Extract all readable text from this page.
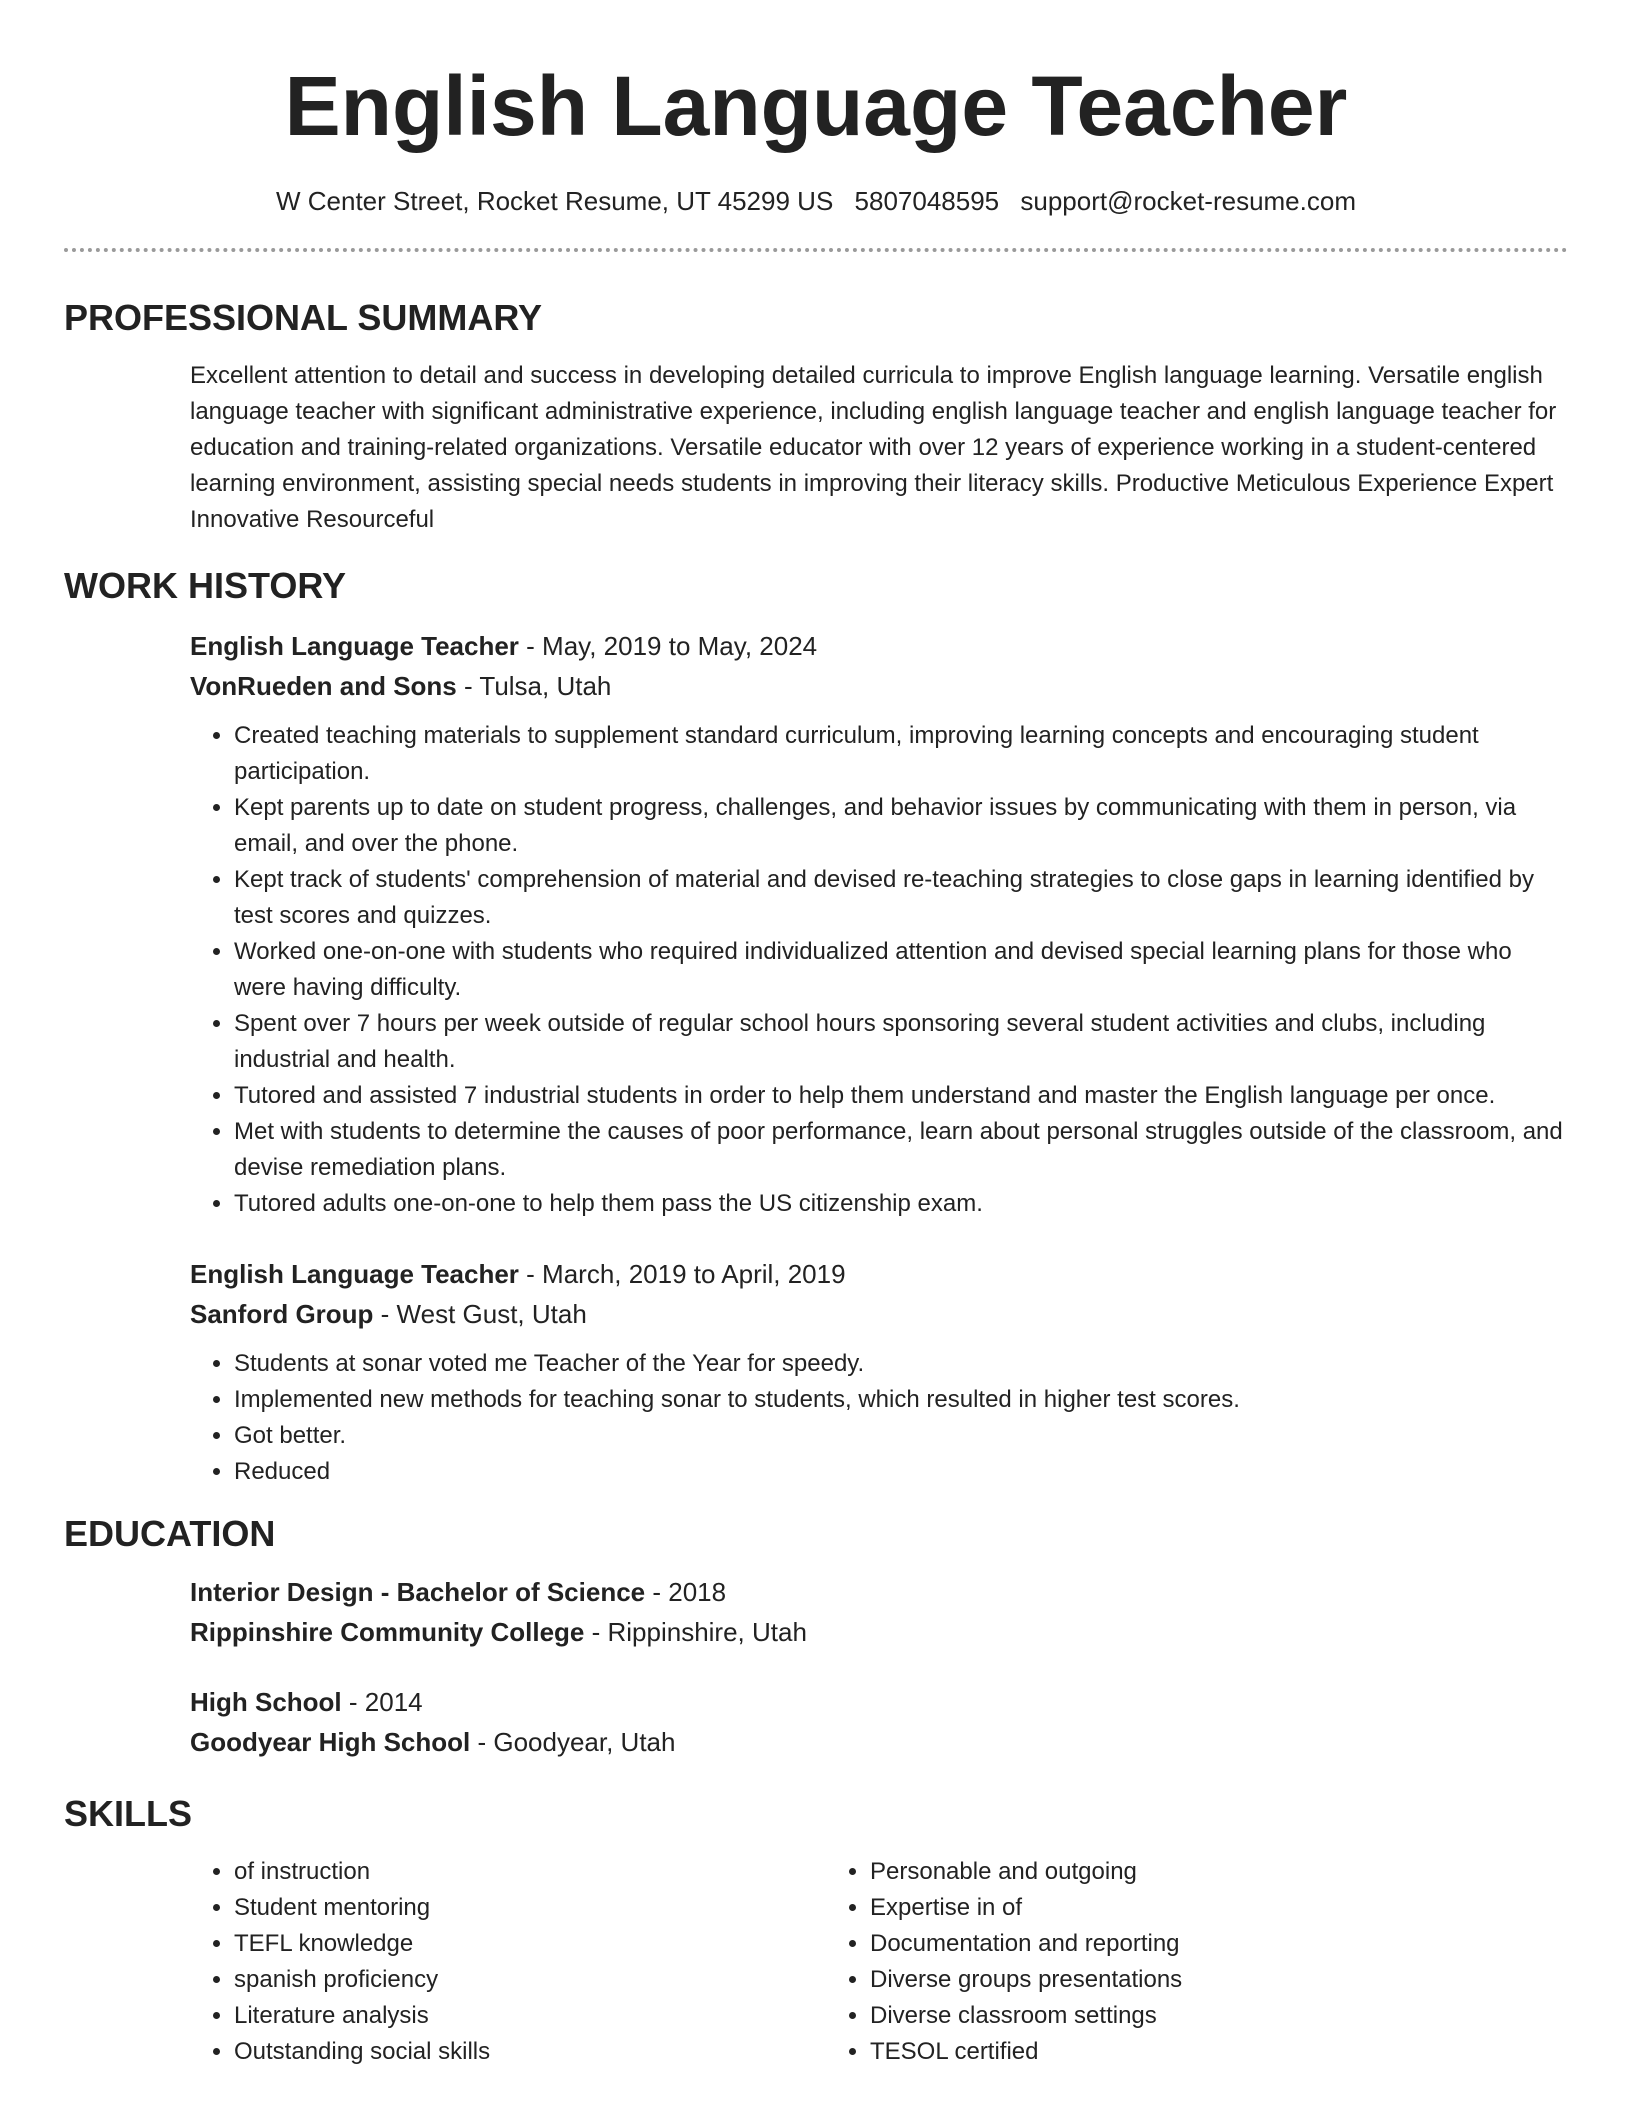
English Language Teacher
W Center Street, Rocket Resume, UT 45299 US 5807048595 support@rocket-resume.com
PROFESSIONAL SUMMARY
Excellent attention to detail and success in developing detailed curricula to improve English language learning. Versatile english language teacher with significant administrative experience, including english language teacher and english language teacher for education and training-related organizations. Versatile educator with over 12 years of experience working in a student-centered learning environment, assisting special needs students in improving their literacy skills. Productive Meticulous Experience Expert Innovative Resourceful
WORK HISTORY
English Language Teacher - May, 2019 to May, 2024
VonRueden and Sons - Tulsa, Utah
• Created teaching materials to supplement standard curriculum, improving learning concepts and encouraging student participation.
• Kept parents up to date on student progress, challenges, and behavior issues by communicating with them in person, via email, and over the phone.
• Kept track of students' comprehension of material and devised re-teaching strategies to close gaps in learning identified by test scores and quizzes.
• Worked one-on-one with students who required individualized attention and devised special learning plans for those who were having difficulty.
• Spent over 7 hours per week outside of regular school hours sponsoring several student activities and clubs, including industrial and health.
• Tutored and assisted 7 industrial students in order to help them understand and master the English language per once.
• Met with students to determine the causes of poor performance, learn about personal struggles outside of the classroom, and devise remediation plans.
• Tutored adults one-on-one to help them pass the US citizenship exam.
English Language Teacher - March, 2019 to April, 2019
Sanford Group - West Gust, Utah
• Students at sonar voted me Teacher of the Year for speedy.
• Implemented new methods for teaching sonar to students, which resulted in higher test scores.
• Got better.
• Reduced
EDUCATION
Interior Design - Bachelor of Science - 2018
Rippinshire Community College - Rippinshire, Utah
High School - 2014
Goodyear High School - Goodyear, Utah
SKILLS
• of instruction
• Student mentoring
• TEFL knowledge
• spanish proficiency
• Literature analysis
• Outstanding social skills
• Personable and outgoing
• Expertise in of
• Documentation and reporting
• Diverse groups presentations
• Diverse classroom settings
• TESOL certified
